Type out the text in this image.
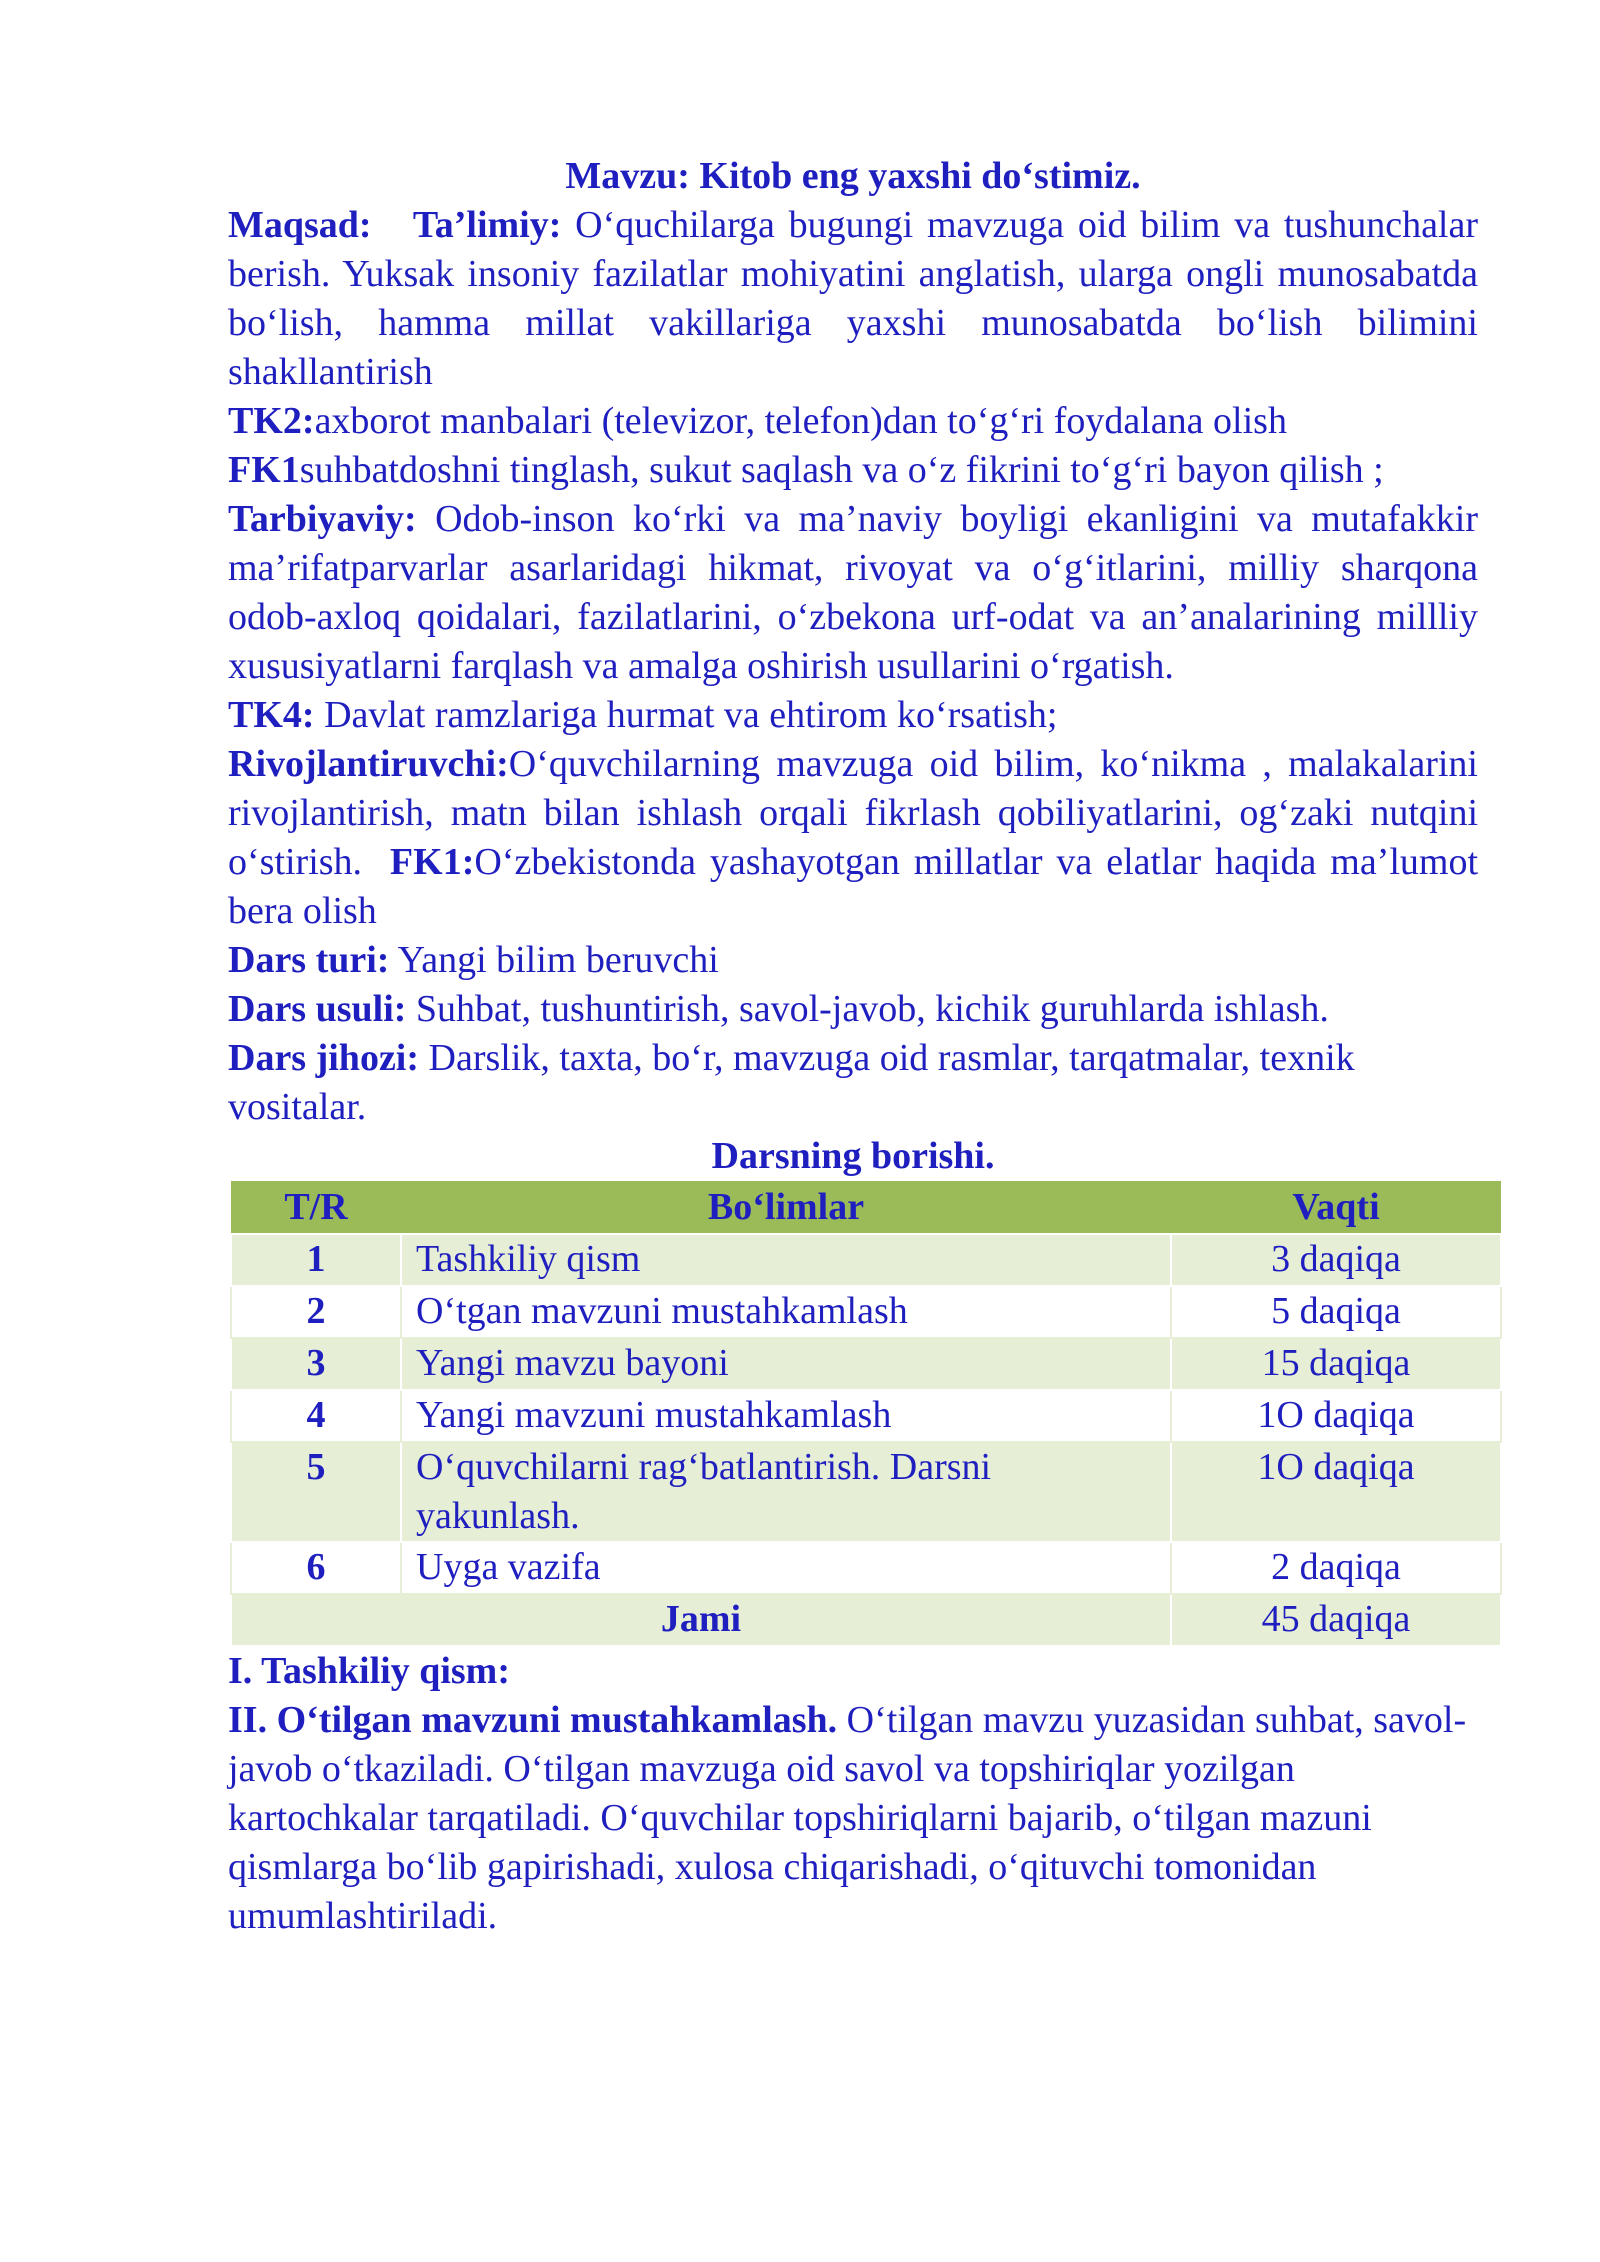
Mavzu: Kitob eng yaxshi do‘stimiz.

Maqsad: Ta’limiy: O‘quchilarga bugungi mavzuga oid bilim va tushunchalar berish. Yuksak insoniy fazilatlar mohiyatini anglatish, ularga ongli munosabatda bo‘lish, hamma millat vakillariga yaxshi munosabatda bo‘lish bilimini shakllantirish

TK2:axborot manbalari (televizor, telefon)dan to‘g‘ri foydalana olish

FK1suhbatdoshni tinglash, sukut saqlash va o‘z fikrini to‘g‘ri bayon qilish ;

Tarbiyaviy: Odob-inson ko‘rki va ma’naviy boyligi ekanligini va mutafakkir ma’rifatparvarlar asarlaridagi hikmat, rivoyat va o‘g‘itlarini, milliy sharqona odob-axloq qoidalari, fazilatlarini, o‘zbekona urf-odat va an’analarining millliy xususiyatlarni farqlash va amalga oshirish usullarini o‘rgatish.

TK4: Davlat ramzlariga hurmat va ehtirom ko‘rsatish;

Rivojlantiruvchi:O‘quvchilarning mavzuga oid bilim, ko‘nikma , malakalarini rivojlantirish, matn bilan ishlash orqali fikrlash qobiliyatlarini, og‘zaki nutqini o‘stirish. FK1:O‘zbekistonda yashayotgan millatlar va elatlar haqida ma’lumot bera olish

Dars turi: Yangi bilim beruvchi

Dars usuli: Suhbat, tushuntirish, savol-javob, kichik guruhlarda ishlash.

Dars jihozi: Darslik, taxta, bo‘r, mavzuga oid rasmlar, tarqatmalar, texnik vositalar.

Darsning borishi.

T/R	Bo‘limlar	Vaqti
1	Tashkiliy qism	3 daqiqa
2	O‘tgan mavzuni mustahkamlash	5 daqiqa
3	Yangi mavzu bayoni	15 daqiqa
4	Yangi mavzuni mustahkamlash	1O daqiqa
5	O‘quvchilarni rag‘batlantirish. Darsni yakunlash.	1O daqiqa
6	Uyga vazifa	2 daqiqa
Jami		45 daqiqa

I. Tashkiliy qism:

II. O‘tilgan mavzuni mustahkamlash. O‘tilgan mavzu yuzasidan suhbat, savol-javob o‘tkaziladi. O‘tilgan mavzuga oid savol va topshiriqlar yozilgan kartochkalar tarqatiladi. O‘quvchilar topshiriqlarni bajarib, o‘tilgan mazuni qismlarga bo‘lib gapirishadi, xulosa chiqarishadi, o‘qituvchi tomonidan umumlashtiriladi.
